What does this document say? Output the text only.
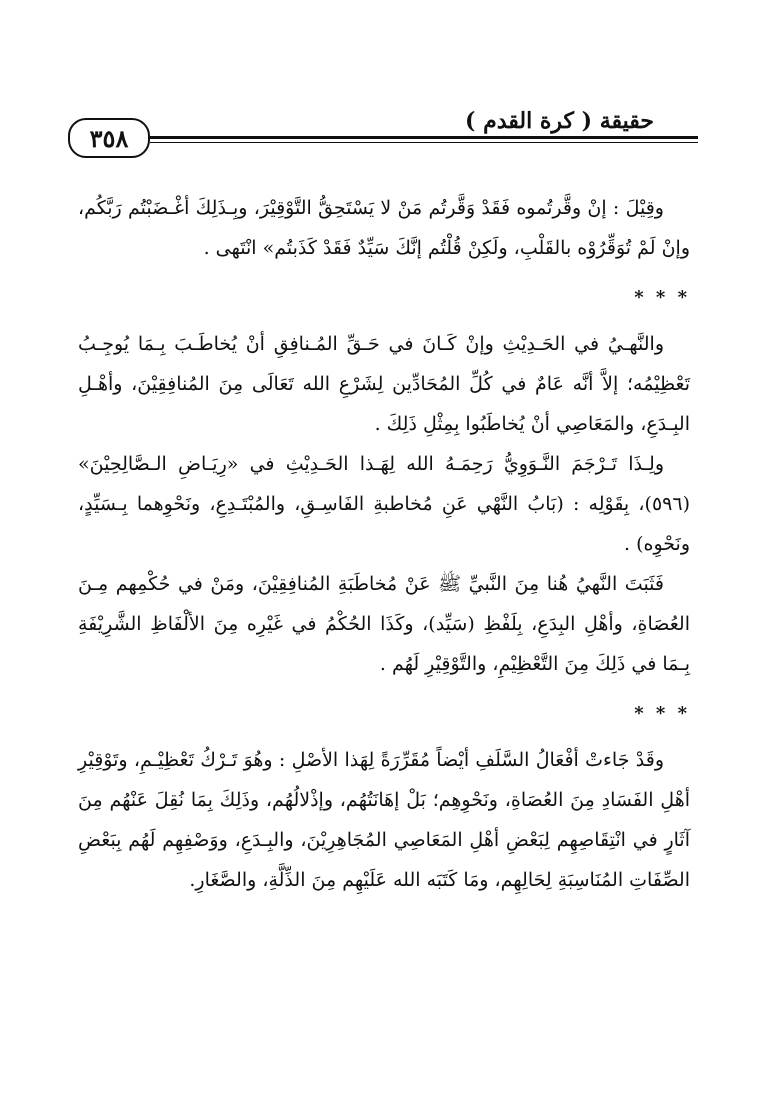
٣٥٨
حقيقة ( كرة القدم )

وقِيْلَ : إنْ وقَّرتُموه فَقَدْ وَقَّرتُم مَنْ لا يَسْتَحِقُّ التَّوْقِيْرَ، وبِـذَلِكَ أغْـضَبْتُم رَبَّكُم، وإنْ لَمْ تُوَقِّرُوْه بالقَلْبِ، ولَكِنْ قُلْتُم إنَّكَ سَيِّدٌ فَقَدْ كَذَبتُم» انْتَهى .

* * *

والنَّهـيُ في الحَـدِيْثِ وإنْ كَـانَ في حَـقِّ المُـنافِقِ أنْ يُخاطَـبَ بِـمَا يُوجِـبُ تَعْظِيْمُه؛ إلاَّ أنَّه عَامٌ في كُلِّ المُحَادِّين لِشَرْعِ الله تَعَالَى مِنَ المُنافِقِيْنَ، وأهْـلِ البِـدَعِ، والمَعَاصِي أنْ يُخاطَبُوا بِمِثْلِ ذَلِكَ .

ولِـذَا تَـرْجَمَ النَّـوَوِيُّ رَحِمَـهُ الله لِهَـذا الحَـدِيْثِ في «رِيَـاضِ الـصَّالِحِيْنَ» (٥٩٦)، بِقَوْلِه : (بَابُ النَّهْي عَنِ مُخاطبةِ الفَاسِـقِ، والمُبْتَـدِعِ، ونَحْوِهما بِـسَيِّدٍ، ونَحْوِه) .

فَثَبَتَ النَّهيُ هُنا مِنَ النَّبيِّ ﷺ عَنْ مُخاطَبَةِ المُنافِقِيْنَ، ومَنْ في حُكْمِهم مِـنَ العُصَاةِ، وأهْلِ البِدَعِ، بِلَفْظِ (سَيِّد)، وكَذَا الحُكْمُ في غَيْرِه مِنَ الألْفَاظِ الشَّرِيْفَةِ بِـمَا في ذَلِكَ مِنَ التَّعْظِيْمِ، والتَّوْقِيْرِ لَهُم .

* * *

وقَدْ جَاءتْ أفْعَالُ السَّلَفِ أيْضاً مُقَرِّرَةً لِهَذا الأصْلِ : وهُوَ تَـرْكُ تَعْظِيْـمِ، وتَوْقِيْرِ أهْلِ الفَسَادِ مِنَ العُصَاةِ، ونَحْوِهِم؛ بَلْ إهَانَتُهُم، وإذْلالُهُم، وذَلِكَ بِمَا نُقِلَ عَنْهُم مِنَ آثَارٍ في انْتِقَاصِهِم لِبَعْضِ أهْلِ المَعَاصِي المُجَاهِرِيْنَ، والبِـدَعِ، ووَصْفِهِم لَهُم بِبَعْضِ الصِّفَاتِ المُنَاسِبَةِ لِحَالِهِم، ومَا كَتَبَه الله عَلَيْهِم مِنَ الذِّلَّةِ، والصَّغَارِ.
